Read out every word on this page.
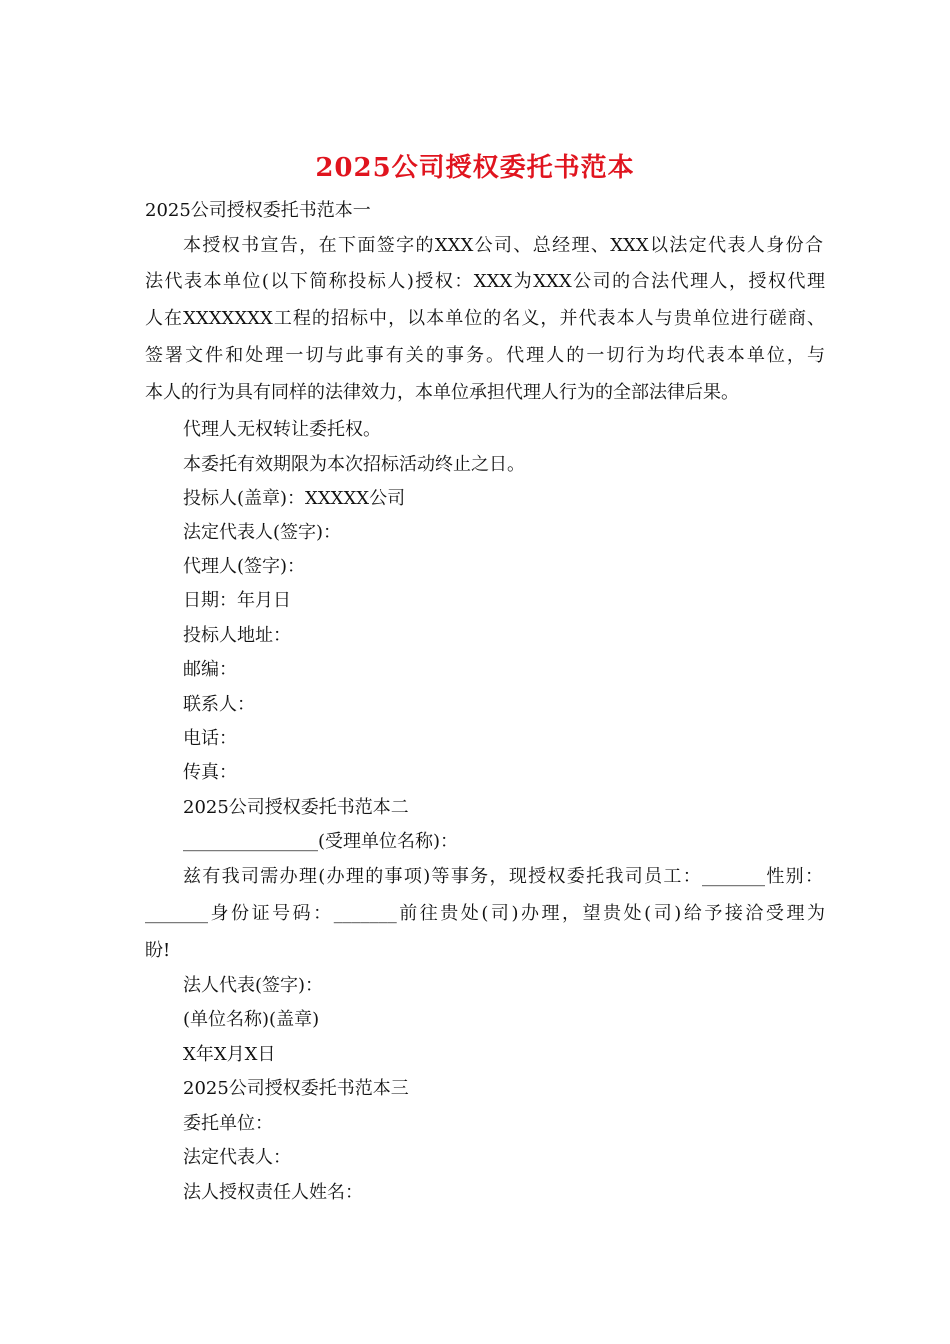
2025公司授权委托书范本
2025公司授权委托书范本一
本授权书宣告，在下面签字的XXX公司、总经理、XXX以法定代表人身份合
法代表本单位(以下简称投标人)授权：XXX为XXX公司的合法代理人，授权代理
人在XXXXXXX工程的招标中，以本单位的名义，并代表本人与贵单位进行磋商、
签署文件和处理一切与此事有关的事务。代理人的一切行为均代表本单位，与
本人的行为具有同样的法律效力，本单位承担代理人行为的全部法律后果。
代理人无权转让委托权。
本委托有效期限为本次招标活动终止之日。
投标人(盖章)：XXXXX公司
法定代表人(签字)：
代理人(签字)：
日期：年月日
投标人地址：
邮编：
联系人：
电话：
传真：
2025公司授权委托书范本二
_______________(受理单位名称)：
兹有我司需办理(办理的事项)等事务，现授权委托我司员工：_______性别：
_______身份证号码：_______前往贵处(司)办理，望贵处(司)给予接洽受理为
盼!
法人代表(签字)：
(单位名称)(盖章)
X年X月X日
2025公司授权委托书范本三
委托单位：
法定代表人：
法人授权责任人姓名：
